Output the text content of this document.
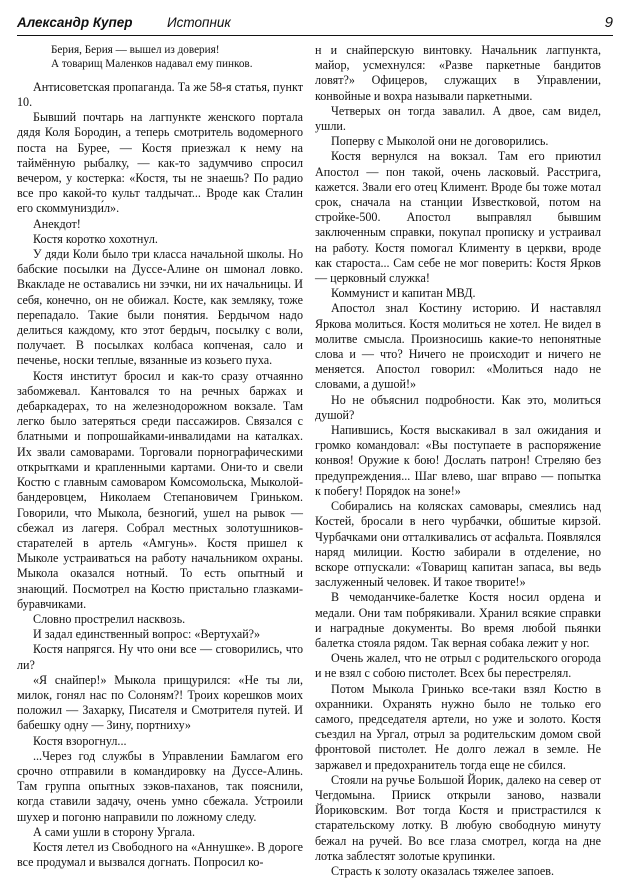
Александр Купер	Истопник	9

Берия, Берия — вышел из доверия!

А товарищ Маленков надавал ему пинков.

Антисоветская пропаганда. Та же 58-я статья, пункт 10.

Бывший почтарь на лагпункте женского портала дядя Коля Бородин, а теперь смотритель водомерного поста на Бурее, — Костя приезжал к нему на таймённую рыбалку, — как-то задумчиво спросил вечером, у костерка: «Костя, ты не знаешь? По радио все про какой-то культ талдычат... Вроде как Сталин его скоммунизди́л».

Анекдот!

Костя коротко хохотнул.

У дяди Коли было три класса начальной школы. Но бабские посылки на Дуссе-Алине он шмонал ловко. Вкакладе не оставались ни зэчки, ни их начальницы. И себя, конечно, он не обижал. Косте, как земляку, тоже перепадало. Такие были понятия. Бердычом надо делиться каждому, кто этот бердыч, посылку с воли, получает. В посылках колбаса копченая, сало и печенье, носки теплые, вязанные из козьего пуха.

Костя институт бросил и как-то сразу отчаянно забомжевал. Кантовался то на речных баржах и дебаркадерах, то на железнодорожном вокзале. Там легко было затеряться среди пассажиров. Связался с блатными и попрошайками-инвалидами на каталках. Их звали самоварами. Торговали порнографическими открытками и крапленными картами. Они-то и свели Костю с главным самоваром Комсомольска, Мыколой-бандеровцем, Николаем Степановичем Гриньком. Говорили, что Мыкола, безногий, ушел на рывок — сбежал из лагеря. Собрал местных золотушников-старателей в артель «Амгунь». Костя пришел к Мыколе устраиваться на работу начальником охраны. Мыкола оказался нотный. То есть опытный и знающий. Посмотрел на Костю пристально глазками-буравчиками.

Словно прострелил насквозь.

И задал единственный вопрос: «Вертухай?»

Костя напрягся. Ну что они все — сговорились, что ли?

«Я снайпер!» Мыкола прищурился: «Не ты ли, милок, гонял нас по Солоням?! Троих корешков моих положил — Захарку, Писателя и Смотрителя путей. И бабешку одну — Зину, портниху»

Костя взорогнул...

...Через год службы в Управлении Бамлагом его срочно отправили в командировку на Дуссе-Алинь. Там группа опытных зэков-паханов, так пояснили, когда ставили задачу, очень умно сбежала. Устроили шухер и погоню направили по ложному следу.

А сами ушли в сторону Ургала.

Костя летел из Свободного на «Аннушке». В дороге все продумал и вызвался догнать. Попросил ко-

н и снайперскую винтовку. Начальник лагпункта, майор, усмехнулся: «Разве паркетные бандитов ловят?» Офицеров, служащих в Управлении, конвойные и вохра называли паркетными.

Четверых он тогда завалил. А двое, сам видел, ушли.

Поперву с Мыколой они не договорились.

Костя вернулся на вокзал. Там его приютил Апостол — пон такой, очень ласковый. Расстрига, кажется. Звали его отец Климент. Вроде бы тоже мотал срок, сначала на станции Известковой, потом на стройке-500. Апостол выправлял бывшим заключенным справки, покупал прописку и устраивал на работу. Костя помогал Клименту в церкви, вроде как староста... Сам себе не мог поверить: Костя Ярков — церковный служка!

Коммунист и капитан МВД.

Апостол знал Костину историю. И наставлял Яркова молиться. Костя молиться не хотел. Не видел в молитве смысла. Произносишь какие-то непонятные слова и — что? Ничего не происходит и ничего не меняется. Апостол говорил: «Молиться надо не словами, а душой!»

Но не объяснил подробности. Как это, молиться душой?

Напившись, Костя выскакивал в зал ожидания и громко командовал: «Вы поступаете в распоряжение конвоя! Оружие к бою! Дослать патрон! Стреляю без предупреждения... Шаг влево, шаг вправо — попытка к побегу! Порядок на зоне!»

Собирались на колясках самовары, смеялись над Костей, бросали в него чурбачки, обшитые кирзой. Чурбачками они отталкивались от асфальта. Появлялся наряд милиции. Костю забирали в отделение, но вскоре отпускали: «Товарищ капитан запаса, вы ведь заслуженный человек. И такое творите!»

В чемоданчике-балетке Костя носил ордена и медали. Они там побрякивали. Хранил всякие справки и наградные документы. Во время любой пьянки балетка стояла рядом. Так верная собака лежит у ног.

Очень жалел, что не отрыл с родительского огорода и не взял с собою пистолет. Всех бы перестрелял.

Потом Мыкола Гринько все-таки взял Костю в охранники. Охранять нужно было не только его самого, председателя артели, но уже и золото. Костя съездил на Ургал, отрыл за родительским домом свой фронтовой пистолет. Не долго лежал в земле. Не заржавел и предохранитель тогда еще не сбился.

Стояли на ручье Большой Йорик, далеко на север от Чегдомына. Прииск открыли заново, назвали Йориковским. Вот тогда Костя и пристрастился к старательскому лотку. В любую свободную минуту бежал на ручей. Во все глаза смотрел, когда на дне лотка заблестят золотые крупинки.

Страсть к золоту оказалась тяжелее запоев.
